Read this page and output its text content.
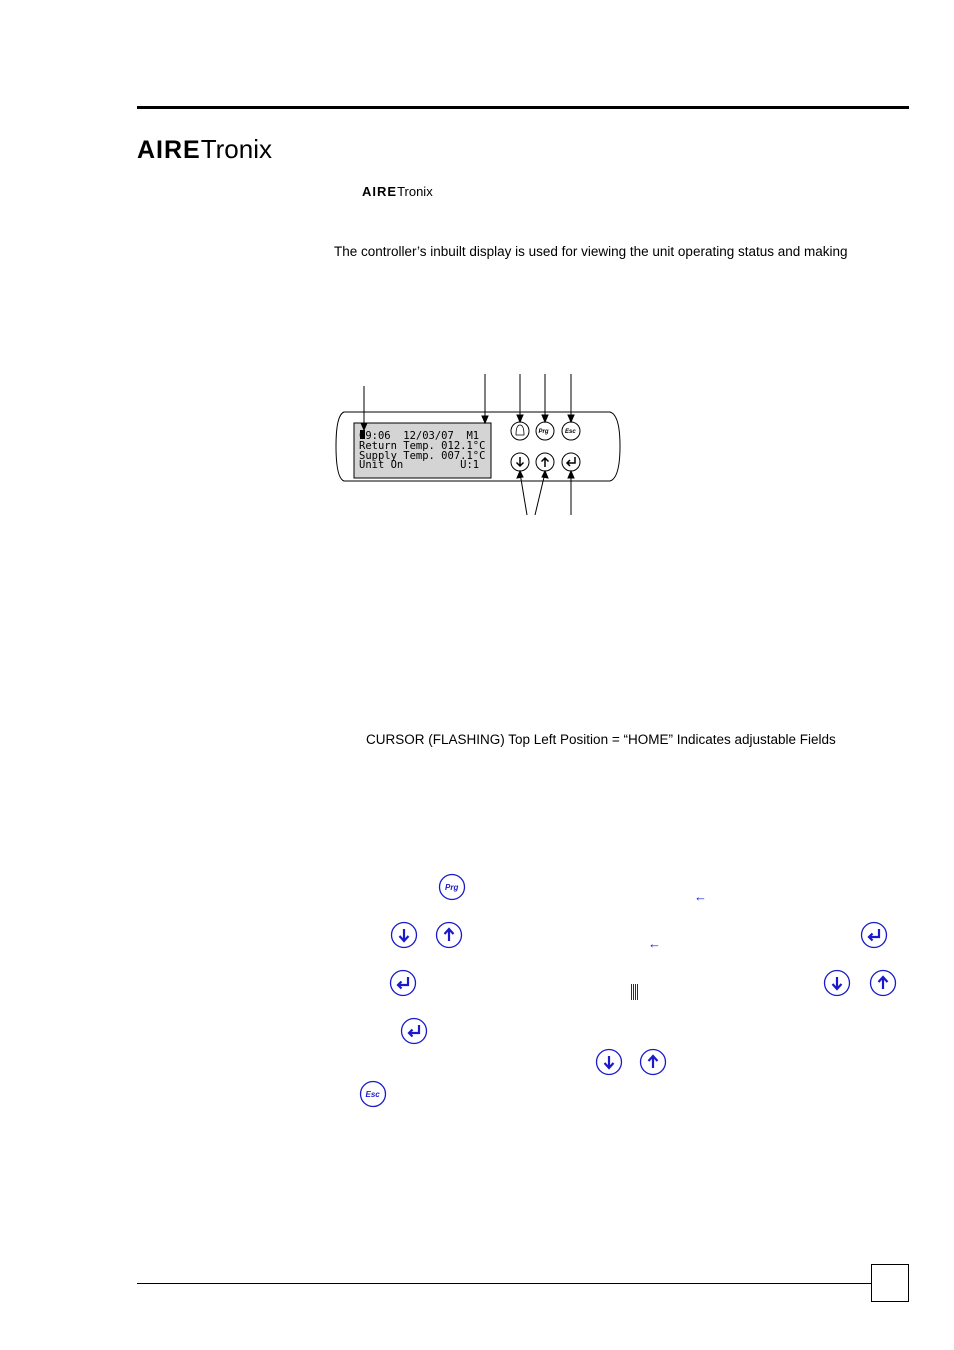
AIRETronix
AIRETronix
The controller’s inbuilt display is used for viewing the unit operating status and making
09:06  12/03/07  M1
Return Temp. 012.1°C
Supply Temp. 007.1°C
Unit On         U:1
Prg	Esc
CURSOR (FLASHING) Top Left Position = “HOME” Indicates adjustable Fields
Prg
←
←
Esc
